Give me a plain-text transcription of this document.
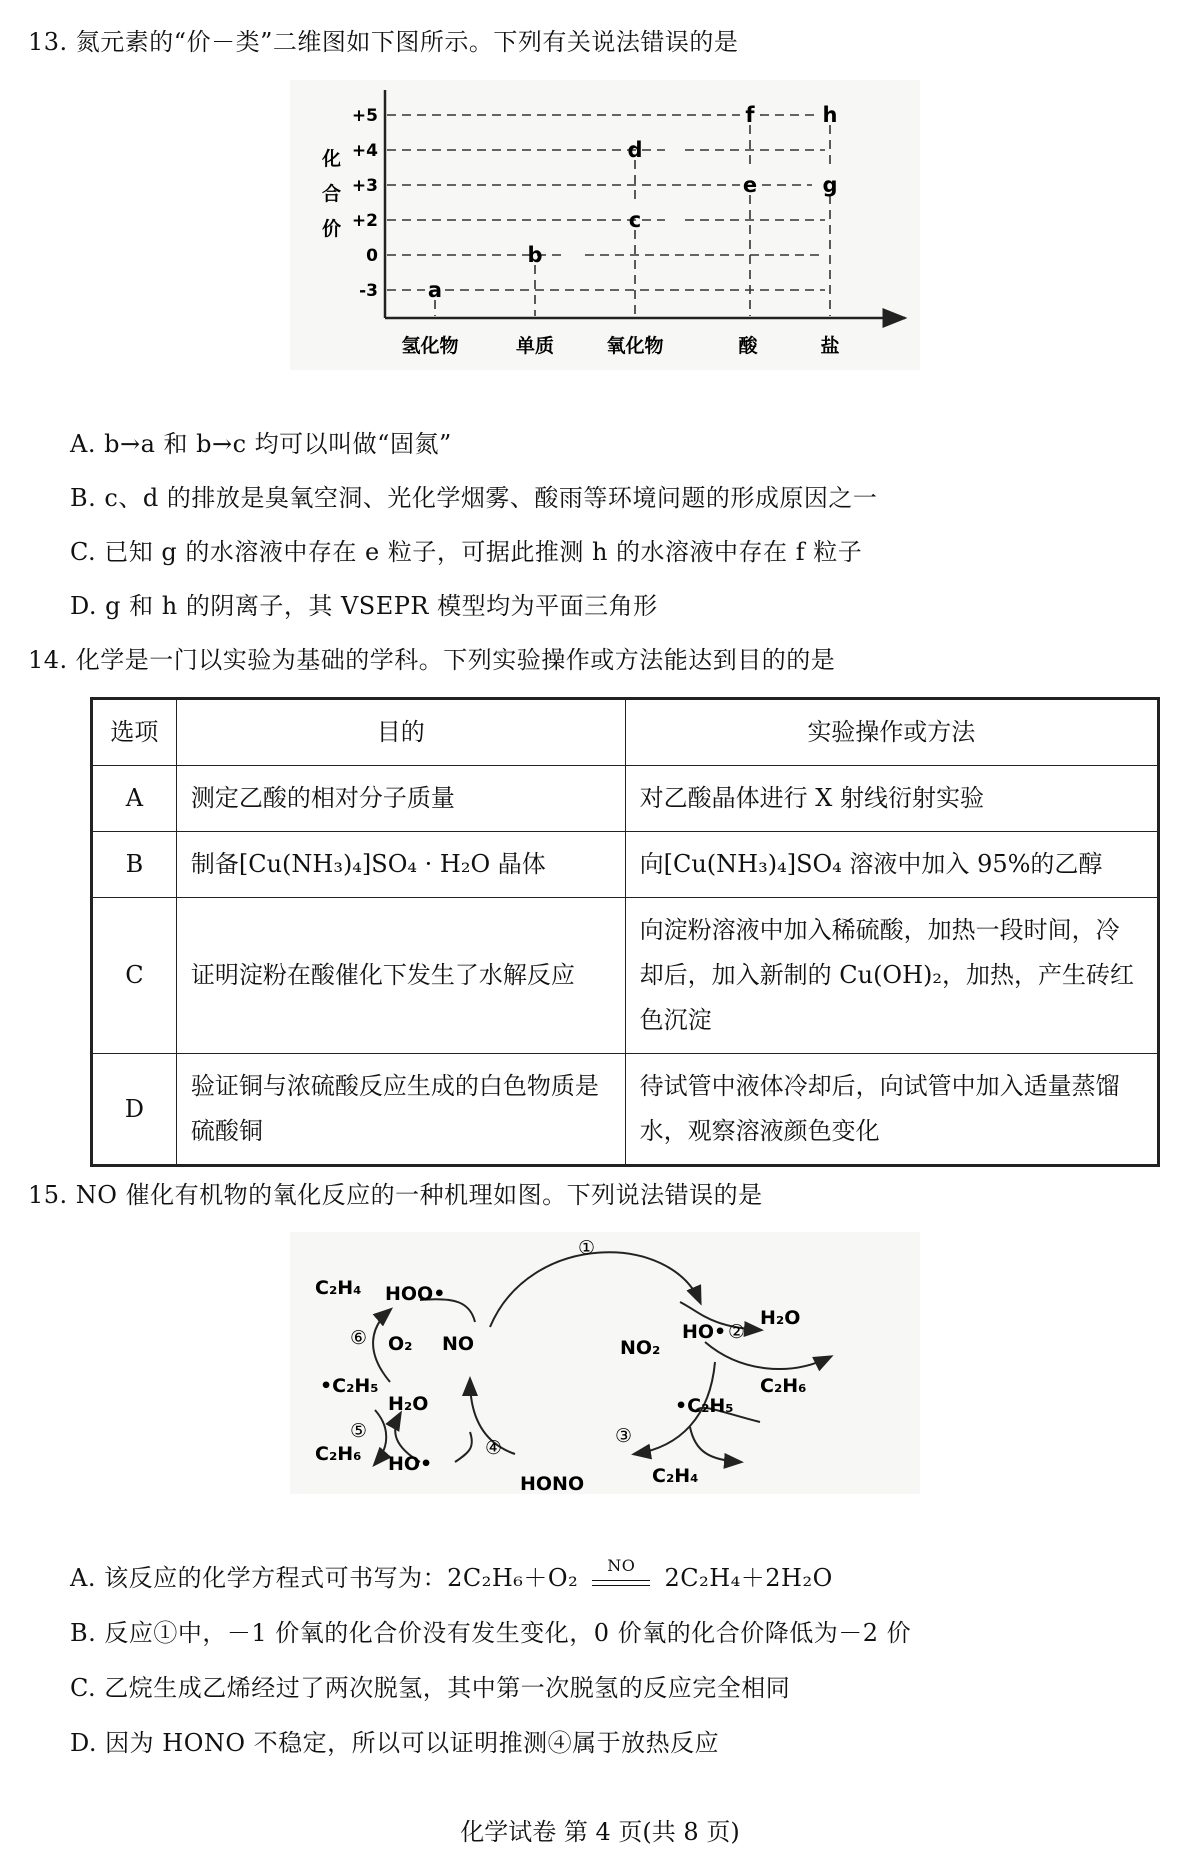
13. 氮元素的“价－类”二维图如下图所示。下列有关说法错误的是
化
合
价
+5
+4
+3
+2
0
-3 a
b
c
d
e
f
g
h
氢化物	单质	氧化物	酸	盐
A. b→a 和 b→c 均可以叫做“固氮”
B. c、d 的排放是臭氧空洞、光化学烟雾、酸雨等环境问题的形成原因之一
C. 已知 g 的水溶液中存在 e 粒子，可据此推测 h 的水溶液中存在 f 粒子
D. g 和 h 的阴离子，其 VSEPR 模型均为平面三角形
14. 化学是一门以实验为基础的学科。下列实验操作或方法能达到目的的是
选项	目的	实验操作或方法
A	测定乙酸的相对分子质量	对乙酸晶体进行 X 射线衍射实验
B	制备[Cu(NH₃)₄]SO₄ · H₂O 晶体	向[Cu(NH₃)₄]SO₄ 溶液中加入 95%的乙醇
C	证明淀粉在酸催化下发生了水解反应	向淀粉溶液中加入稀硫酸，加热一段时间，冷却后，加入新制的 Cu(OH)₂，加热，产生砖红色沉淀
D	验证铜与浓硫酸反应生成的白色物质是硫酸铜	待试管中液体冷却后，向试管中加入适量蒸馏水，观察溶液颜色变化
15. NO 催化有机物的氧化反应的一种机理如图。下列说法错误的是
C₂H₄ HOO•
⑥ O₂ NO
•C₂H₅
H₂O
⑤
C₂H₆ HO•
④
HONO
①
HO• ②
H₂O
NO₂
C₂H₆
•C₂H₅
③
C₂H₄
A. 该反应的化学方程式可书写为：2C₂H₆＋O₂	NO	2C₂H₄＋2H₂O
B. 反应①中，－1 价氧的化合价没有发生变化，0 价氧的化合价降低为－2 价
C. 乙烷生成乙烯经过了两次脱氢，其中第一次脱氢的反应完全相同
D. 因为 HONO 不稳定，所以可以证明推测④属于放热反应
化学试卷 第 4 页(共 8 页)
